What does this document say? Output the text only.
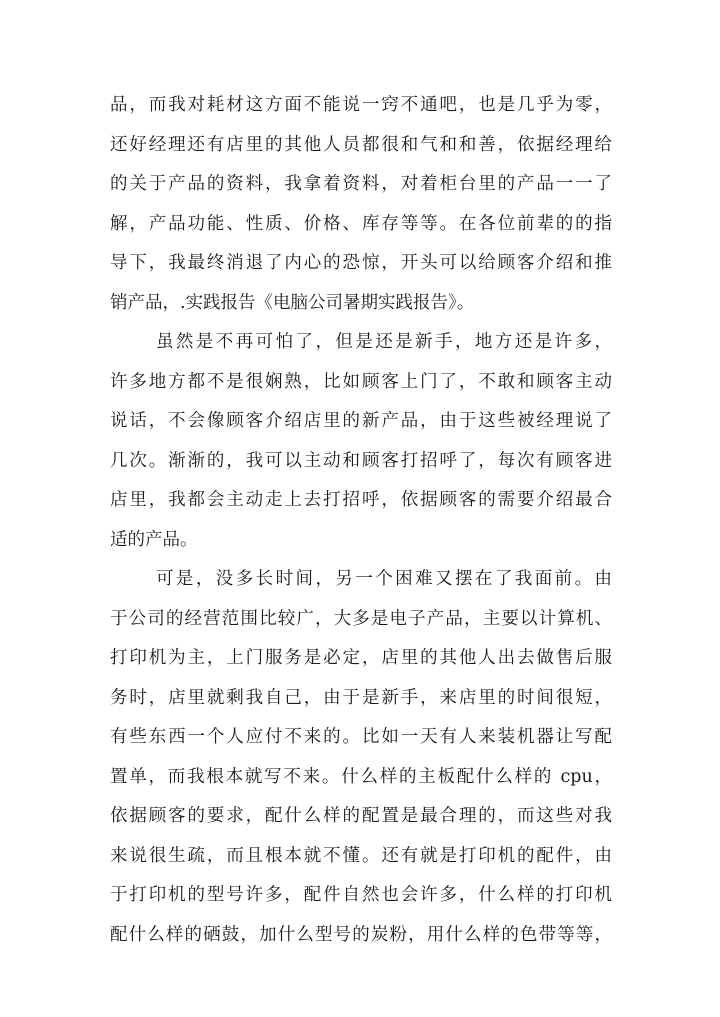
品，而我对耗材这方面不能说一窍不通吧，也是几乎为零，
还好经理还有店里的其他人员都很和气和和善，依据经理给
的关于产品的资料，我拿着资料，对着柜台里的产品一一了
解，产品功能、性质、价格、库存等等。在各位前辈的的指
导下，我最终消退了内心的恐惊，开头可以给顾客介绍和推
销产品，.实践报告《电脑公司暑期实践报告》。
虽然是不再可怕了，但是还是新手，地方还是许多，
许多地方都不是很娴熟，比如顾客上门了，不敢和顾客主动
说话，不会像顾客介绍店里的新产品，由于这些被经理说了
几次。渐渐的，我可以主动和顾客打招呼了，每次有顾客进
店里，我都会主动走上去打招呼，依据顾客的需要介绍最合
适的产品。
可是，没多长时间，另一个困难又摆在了我面前。由
于公司的经营范围比较广，大多是电子产品，主要以计算机、
打印机为主，上门服务是必定，店里的其他人出去做售后服
务时，店里就剩我自己，由于是新手，来店里的时间很短，
有些东西一个人应付不来的。比如一天有人来装机器让写配
置单，而我根本就写不来。什么样的主板配什么样的 cpu，
依据顾客的要求，配什么样的配置是最合理的，而这些对我
来说很生疏，而且根本就不懂。还有就是打印机的配件，由
于打印机的型号许多，配件自然也会许多，什么样的打印机
配什么样的硒鼓，加什么型号的炭粉，用什么样的色带等等，
